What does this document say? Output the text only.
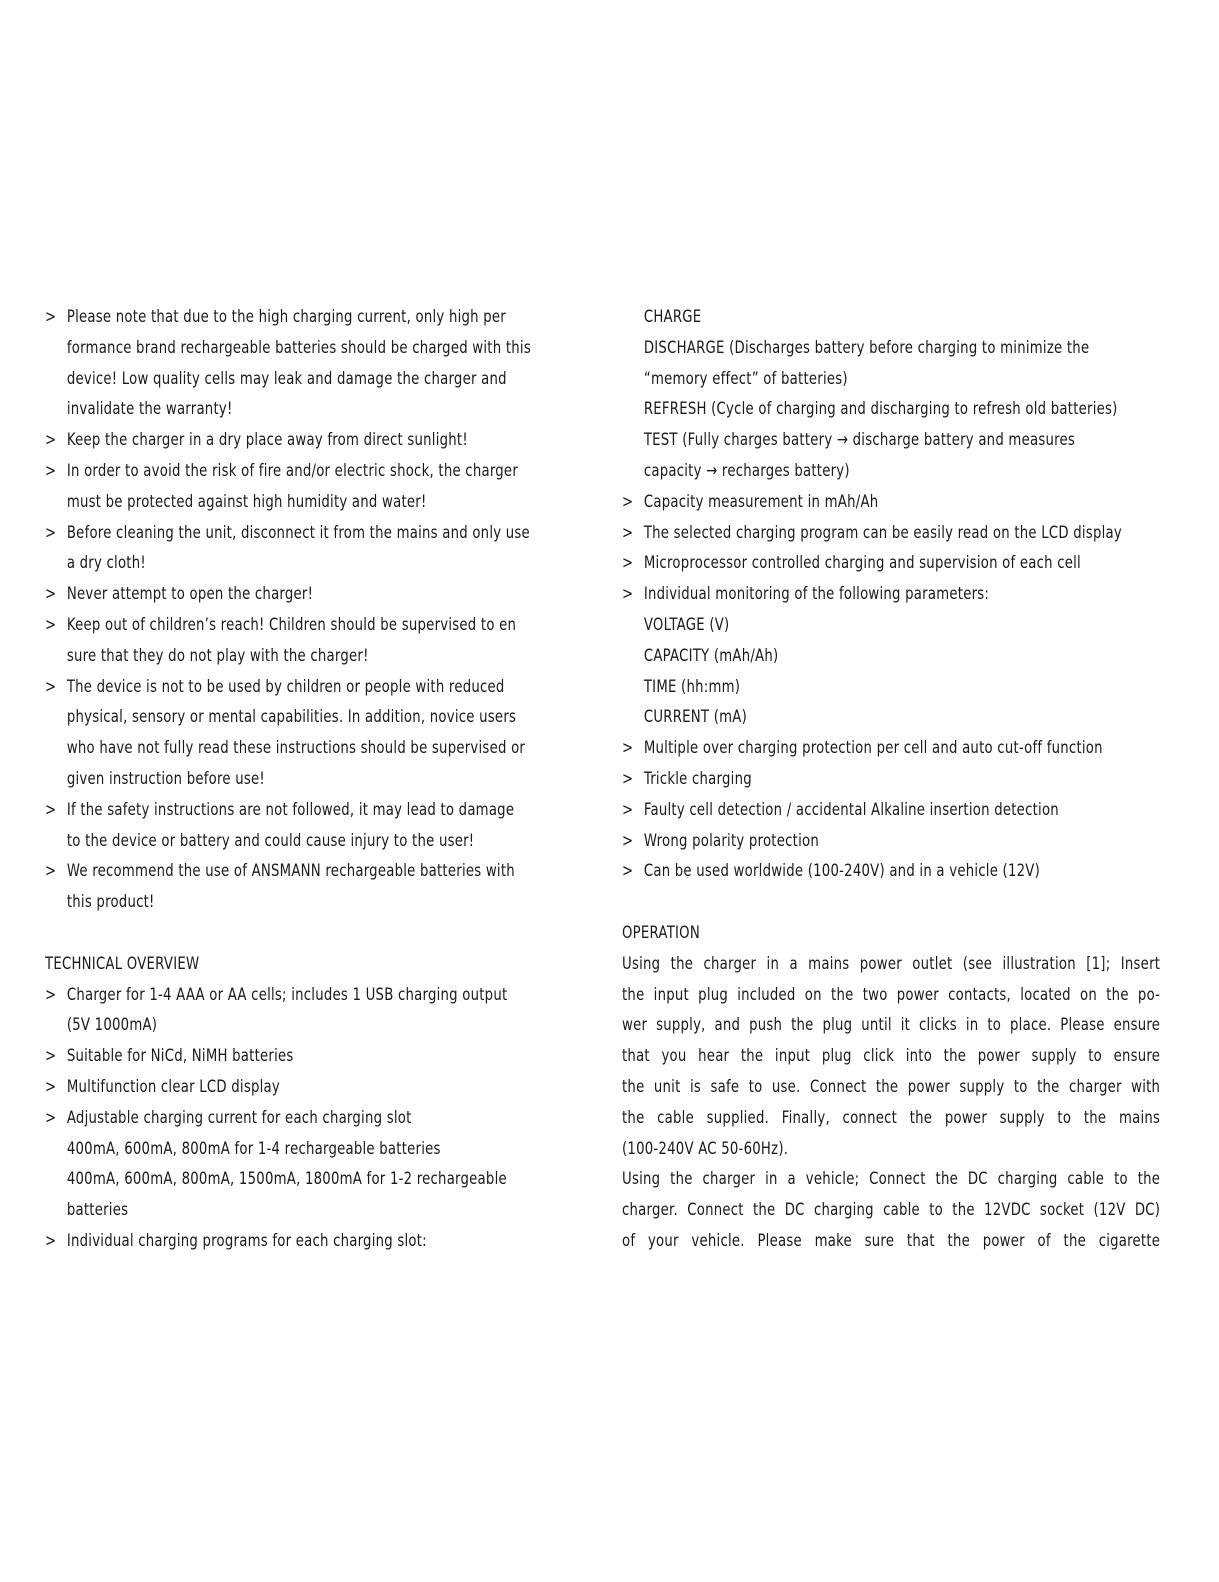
> Please note that due to the high charging current, only high per
formance brand rechargeable batteries should be charged with this
device! Low quality cells may leak and damage the charger and
invalidate the warranty!
> Keep the charger in a dry place away from direct sunlight!
> In order to avoid the risk of fire and/or electric shock, the charger
must be protected against high humidity and water!
> Before cleaning the unit, disconnect it from the mains and only use
a dry cloth!
> Never attempt to open the charger!
> Keep out of children’s reach! Children should be supervised to en
sure that they do not play with the charger!
> The device is not to be used by children or people with reduced
physical, sensory or mental capabilities. In addition, novice users
who have not fully read these instructions should be supervised or
given instruction before use!
> If the safety instructions are not followed, it may lead to damage
to the device or battery and could cause injury to the user!
> We recommend the use of ANSMANN rechargeable batteries with
this product!
TECHNICAL OVERVIEW
> Charger for 1-4 AAA or AA cells; includes 1 USB charging output
(5V 1000mA)
> Suitable for NiCd, NiMH batteries
> Multifunction clear LCD display
> Adjustable charging current for each charging slot
400mA, 600mA, 800mA for 1-4 rechargeable batteries
400mA, 600mA, 800mA, 1500mA, 1800mA for 1-2 rechargeable
batteries
> Individual charging programs for each charging slot:
CHARGE
DISCHARGE (Discharges battery before charging to minimize the
“memory effect” of batteries)
REFRESH (Cycle of charging and discharging to refresh old batteries)
TEST (Fully charges battery → discharge battery and measures
capacity → recharges battery)
> Capacity measurement in mAh/Ah
> The selected charging program can be easily read on the LCD display
> Microprocessor controlled charging and supervision of each cell
> Individual monitoring of the following parameters:
VOLTAGE (V)
CAPACITY (mAh/Ah)
TIME (hh:mm)
CURRENT (mA)
> Multiple over charging protection per cell and auto cut-off function
> Trickle charging
> Faulty cell detection / accidental Alkaline insertion detection
> Wrong polarity protection
> Can be used worldwide (100-240V) and in a vehicle (12V)
OPERATION
Using the charger in a mains power outlet (see illustration [1]; Insert
the input plug included on the two power contacts, located on the po-
wer supply, and push the plug until it clicks in to place. Please ensure
that you hear the input plug click into the power supply to ensure
the unit is safe to use. Connect the power supply to the charger with
the cable supplied. Finally, connect the power supply to the mains
(100-240V AC 50-60Hz).
Using the charger in a vehicle; Connect the DC charging cable to the
charger. Connect the DC charging cable to the 12VDC socket (12V DC)
of your vehicle. Please make sure that the power of the cigarette
